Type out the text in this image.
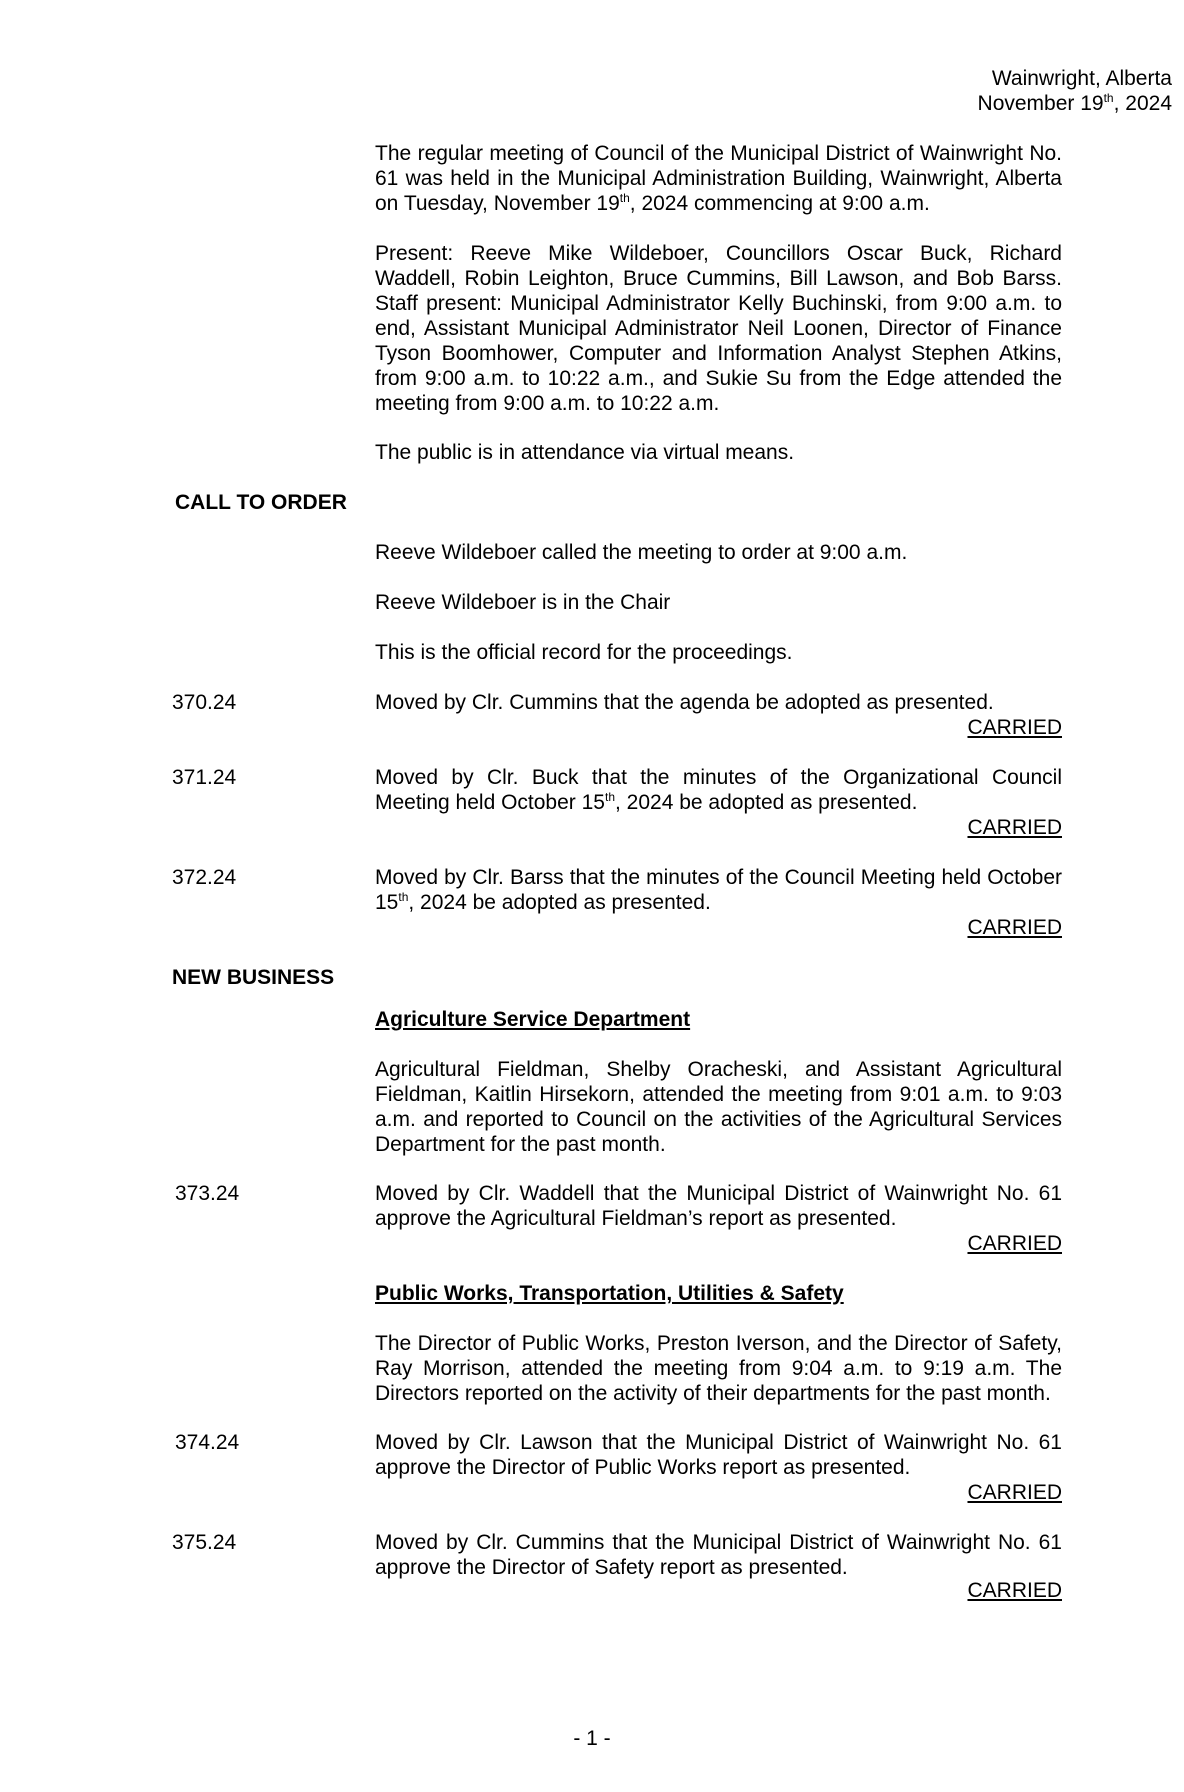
Wainwright, Alberta
November 19th, 2024

The regular meeting of Council of the Municipal District of Wainwright No. 61 was held in the Municipal Administration Building, Wainwright, Alberta on Tuesday, November 19th, 2024 commencing at 9:00 a.m.

Present: Reeve Mike Wildeboer, Councillors Oscar Buck, Richard Waddell, Robin Leighton, Bruce Cummins, Bill Lawson, and Bob Barss. Staff present: Municipal Administrator Kelly Buchinski, from 9:00 a.m. to end, Assistant Municipal Administrator Neil Loonen, Director of Finance Tyson Boomhower, Computer and Information Analyst Stephen Atkins, from 9:00 a.m. to 10:22 a.m., and Sukie Su from the Edge attended the meeting from 9:00 a.m. to 10:22 a.m.

The public is in attendance via virtual means.

CALL TO ORDER

Reeve Wildeboer called the meeting to order at 9:00 a.m.

Reeve Wildeboer is in the Chair

This is the official record for the proceedings.

370.24	Moved by Clr. Cummins that the agenda be adopted as presented.

CARRIED
371.24	Moved by Clr. Buck that the minutes of the Organizational Council Meeting held October 15th, 2024 be adopted as presented.

CARRIED
372.24	Moved by Clr. Barss that the minutes of the Council Meeting held October 15th, 2024 be adopted as presented.

CARRIED
NEW BUSINESS
Agriculture Service Department

Agricultural Fieldman, Shelby Oracheski, and Assistant Agricultural Fieldman, Kaitlin Hirsekorn, attended the meeting from 9:01 a.m. to 9:03 a.m. and reported to Council on the activities of the Agricultural Services Department for the past month.

373.24	Moved by Clr. Waddell that the Municipal District of Wainwright No. 61 approve the Agricultural Fieldman’s report as presented.

CARRIED
Public Works, Transportation, Utilities & Safety

The Director of Public Works, Preston Iverson, and the Director of Safety, Ray Morrison, attended the meeting from 9:04 a.m. to 9:19 a.m. The Directors reported on the activity of their departments for the past month.

374.24	Moved by Clr. Lawson that the Municipal District of Wainwright No. 61 approve the Director of Public Works report as presented.

CARRIED
375.24	Moved by Clr. Cummins that the Municipal District of Wainwright No. 61 approve the Director of Safety report as presented.

CARRIED
- 1 -
